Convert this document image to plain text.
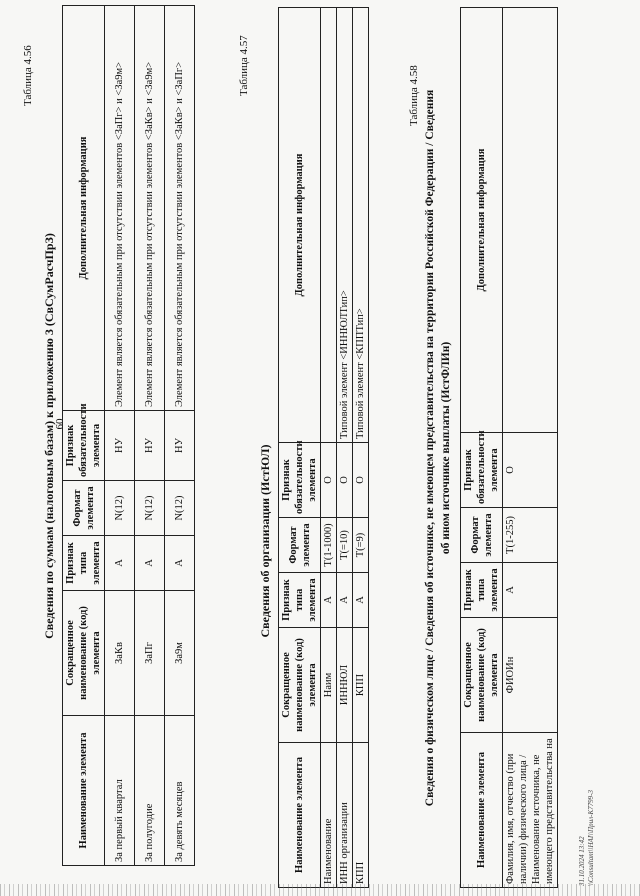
60
Таблица 4.56
Сведения по суммам (налоговым базам) к приложению 3 (СвСумРасчПрЗ)
Наименование элемента	Сокращенное наименование (код) элемента	Признак типа элемента	Формат элемента	Признак обязательности элемента	Дополнительная информация
За первый квартал	ЗаКв	А	N(12)	НУ	Элемент является обязательным при отсутствии элементов <ЗаПг> и <За9м>
За полугодие	ЗаПг	А	N(12)	НУ	Элемент является обязательным при отсутствии элементов <ЗаКв> и <За9м>
За девять месяцев	За9м	А	N(12)	НУ	Элемент является обязательным при отсутствии элементов <ЗаКв> и <ЗаПг>	Таблица 4.57
Сведения об организации (ИстЮЛ)
Наименование элемента	Сокращенное наименование (код) элемента	Признак типа элемента	Формат элемента	Признак обязательности элемента	Дополнительная информация
Наименование	Наим	А	T(1-1000)	О	
ИНН организации	ИННЮЛ	А	T(=10)	О	Типовой элемент <ИННЮЛТип>
КПП	КПП	А	T(=9)	О	Типовой элемент <КППТип>
Таблица 4.58 Сведения о физическом лице / Сведения об источнике, не имеющем представительства на территории Российской Федерации / Сведения об ином источнике выплаты (ИстФЛИн)
Наименование элемента	Сокращенное наименование (код) элемента	Признак типа элемента	Формат элемента	Признак обязательности элемента	Дополнительная информация
Фамилия, имя, отчество (при наличии) физического лица / Наименование источника, не имеющего представительства на	ФИОИн	А	T(1-255)	О	
31.10.2024 13:42 \\Consultant\\HAI\\Прил-К7799-3
